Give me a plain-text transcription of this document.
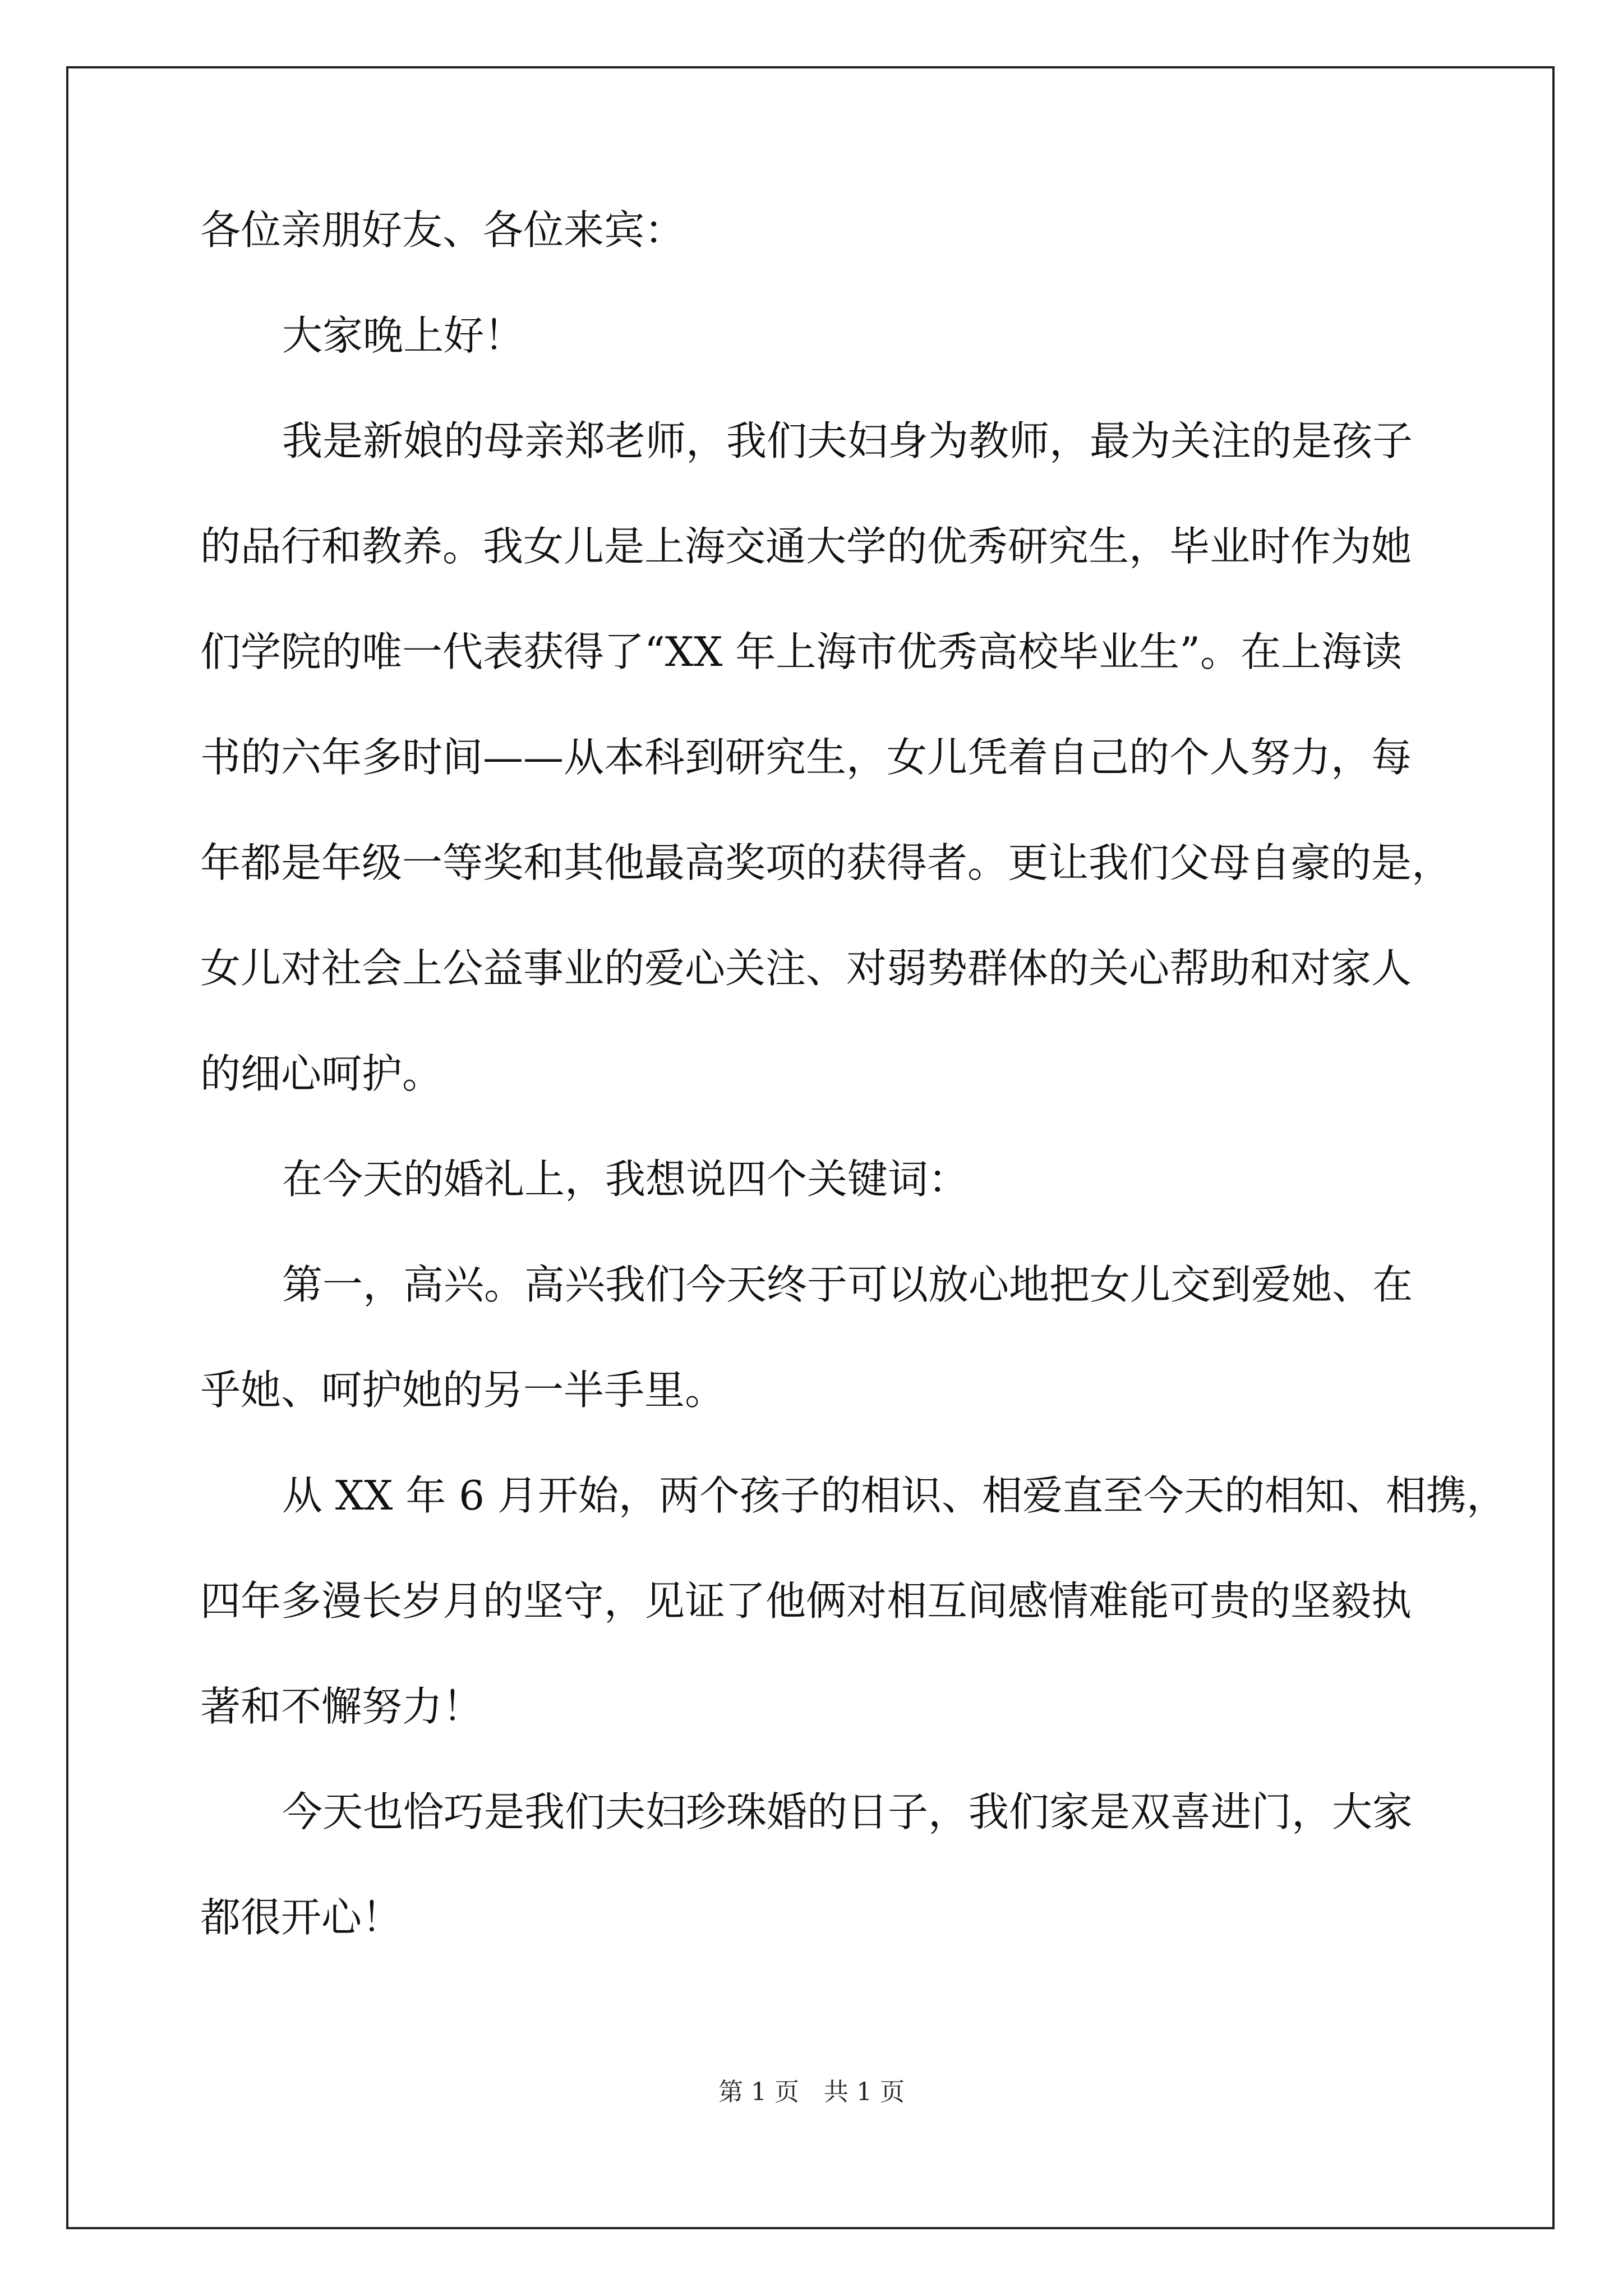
各位亲朋好友、各位来宾：
大家晚上好！
我是新娘的母亲郑老师，我们夫妇身为教师，最为关注的是孩子
的品行和教养。我女儿是上海交通大学的优秀研究生，毕业时作为她
们学院的唯一代表获得了“XX 年上海市优秀高校毕业生”。在上海读
书的六年多时间——从本科到研究生，女儿凭着自己的个人努力，每
年都是年级一等奖和其他最高奖项的获得者。更让我们父母自豪的是，
女儿对社会上公益事业的爱心关注、对弱势群体的关心帮助和对家人
的细心呵护。
在今天的婚礼上，我想说四个关键词：
第一，高兴。高兴我们今天终于可以放心地把女儿交到爱她、在
乎她、呵护她的另一半手里。
从 XX 年 6 月开始，两个孩子的相识、相爱直至今天的相知、相携，
四年多漫长岁月的坚守，见证了他俩对相互间感情难能可贵的坚毅执
著和不懈努力！
今天也恰巧是我们夫妇珍珠婚的日子，我们家是双喜进门，大家
都很开心！
第 1 页　共 1 页
